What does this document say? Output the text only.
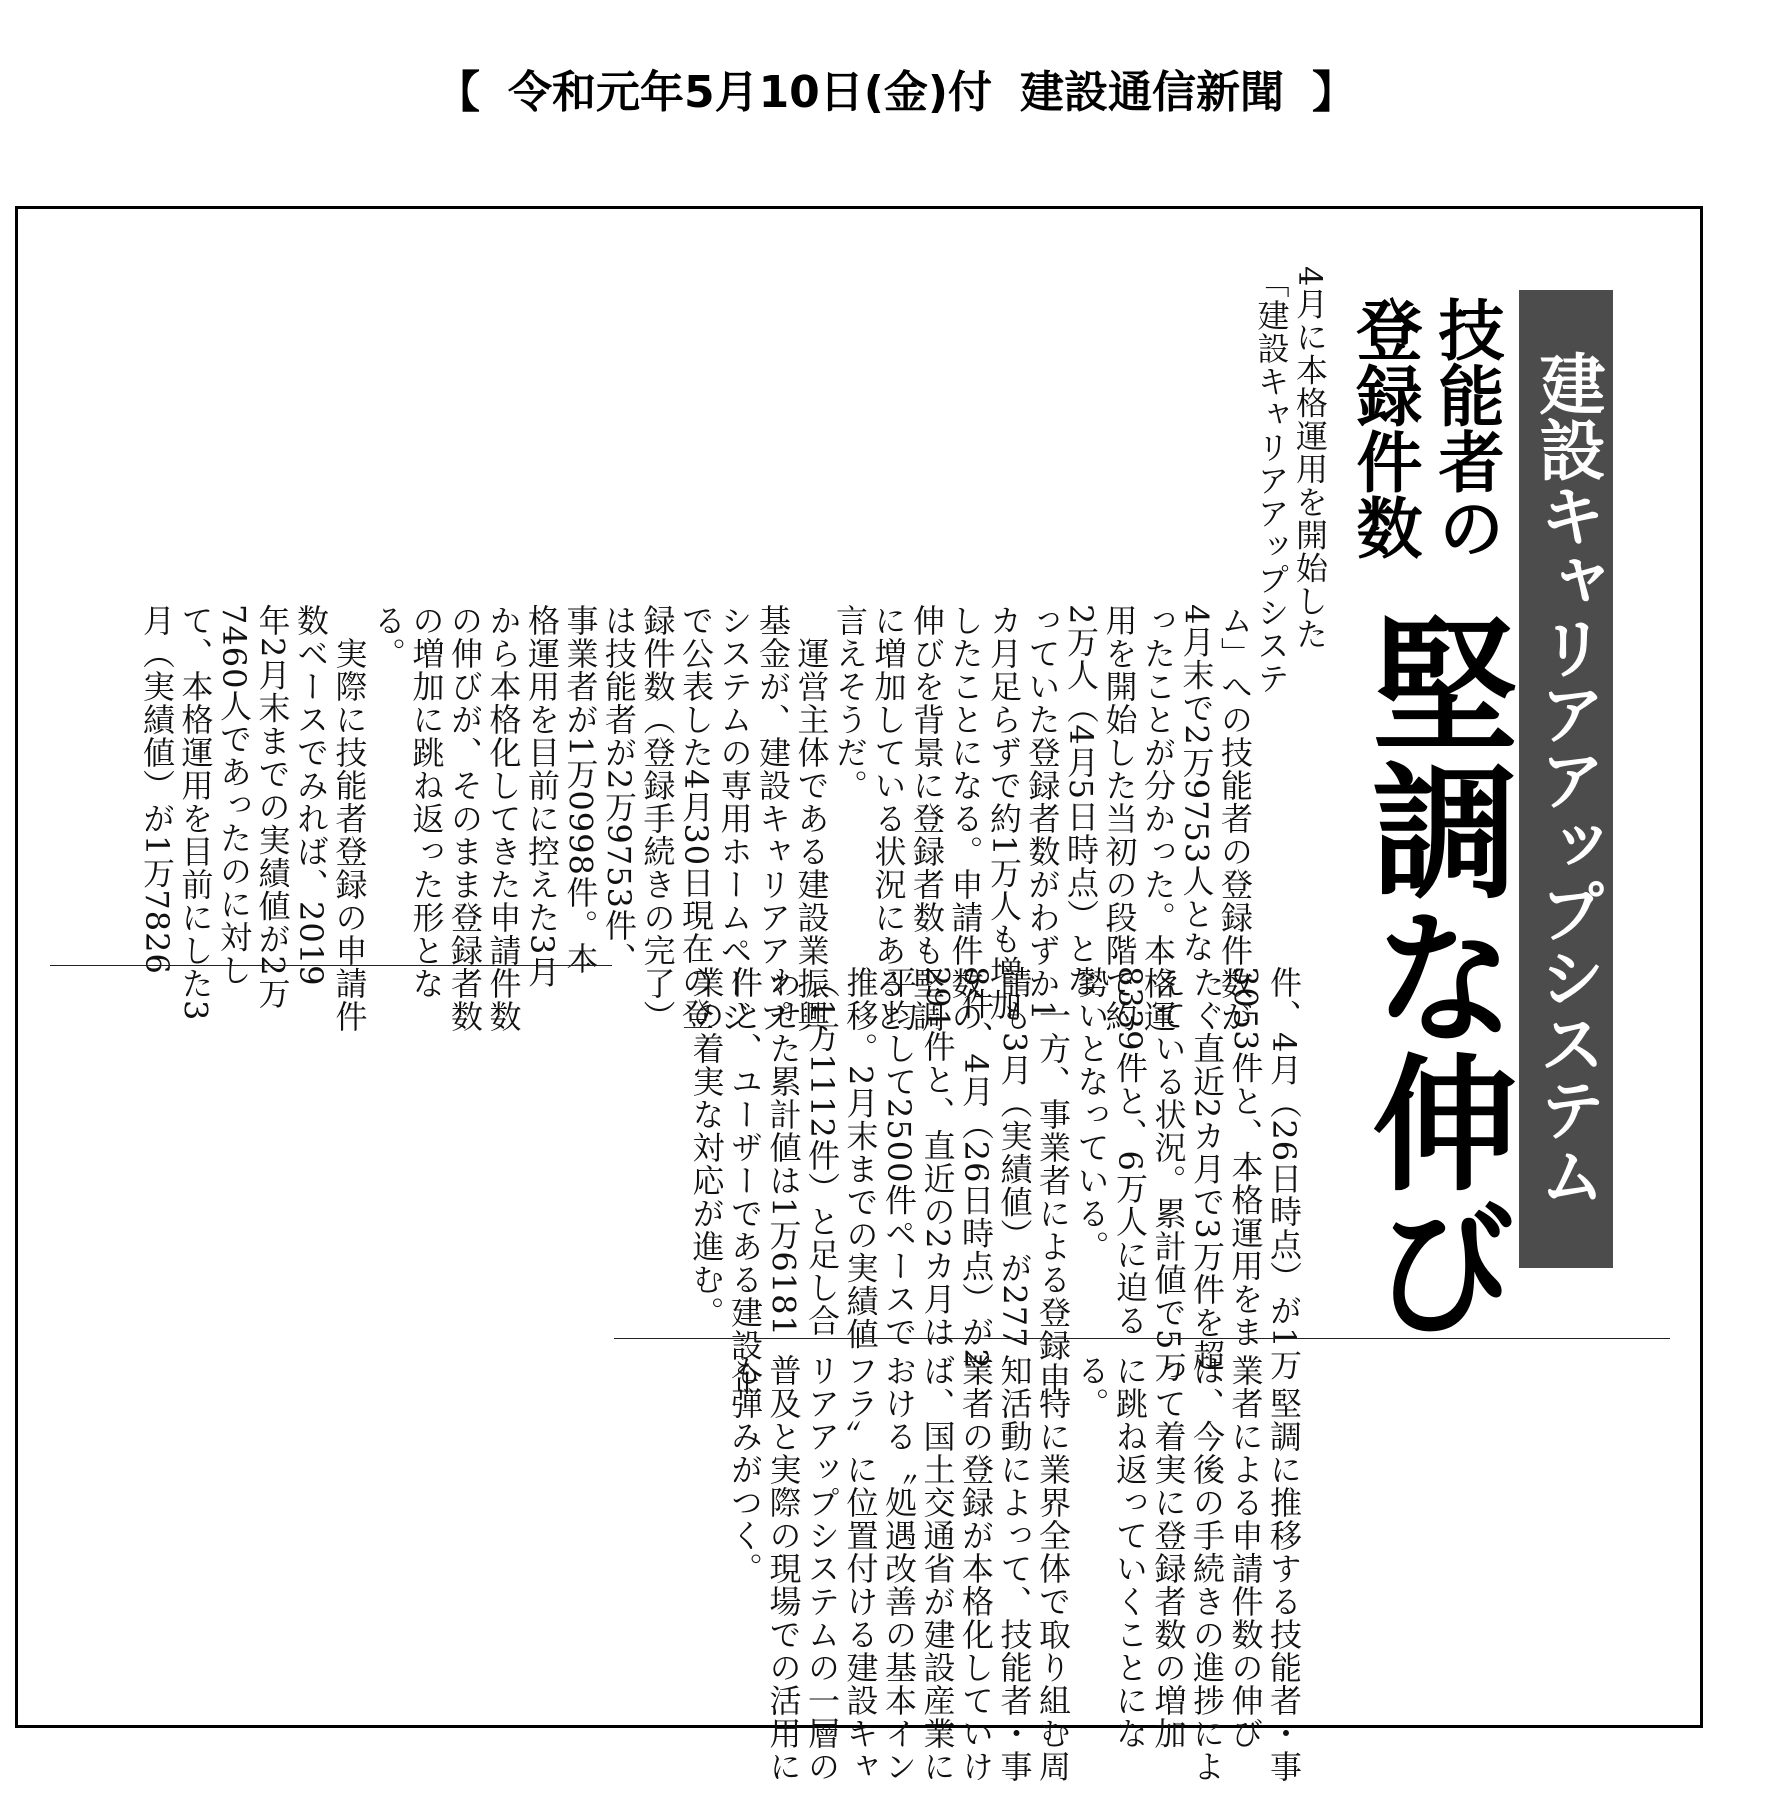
【 令和元年5月10日(金)付 建設通信新聞 】
建設キャリアアップシステム
技能者の
登録件数
堅調な伸び

4月に本格運用を開始した

「建設キャリアアップシステ

ム」への技能者の登録件数が

4月末で2万9753人とな

ったことが分かった。本格運

用を開始した当初の段階で約

2万人（4月5日時点）とな

っていた登録者数がわずか1

カ月足らずで約1万人も増加

したことになる。申請件数の

伸びを背景に登録者数も堅調

に増加している状況にあると

言えそうだ。

　運営主体である建設業振興

基金が、建設キャリアアップ

システムの専用ホームページ

で公表した4月30日現在の登

録件数（登録手続きの完了）

は技能者が2万9753件、

事業者が1万0998件。本

格運用を目前に控えた3月

から本格化してきた申請件数

の伸びが、そのまま登録者数

の増加に跳ね返った形とな

る。

　実際に技能者登録の申請件

数ベースでみれば、2019

年2月末までの実績値が2万

7460人であったのに対し

て、本格運用を目前にした3

月（実績値）が1万7826

件、4月（26日時点）が1万

3053件と、本格運用をま

たぐ直近2カ月で3万件を超

えている状況。累計値で5万

8339件と、6万人に迫る

勢いとなっている。

　一方、事業者による登録申

請も3月（実績値）が277

8件、4月（26日時点）が2

291件と、直近の2カ月は

平均して2500件ペースで

推移。2月末までの実績値

（1万1112件）と足し合

わせた累計値は1万6181

件と、ユーザーである建設企

業の着実な対応が進む。

　堅調に推移する技能者・事

業者による申請件数の伸び

は、今後の手続きの進捗によ

って着実に登録者数の増加

に跳ね返っていくことにな

る。

　特に業界全体で取り組む周

知活動によって、技能者・事

業者の登録が本格化していけ

ば、国土交通省が建設産業に

おける〝処遇改善の基本イン

フラ〟に位置付ける建設キャ

リアアップシステムの一層の

普及と実際の現場での活用に

も弾みがつく。
